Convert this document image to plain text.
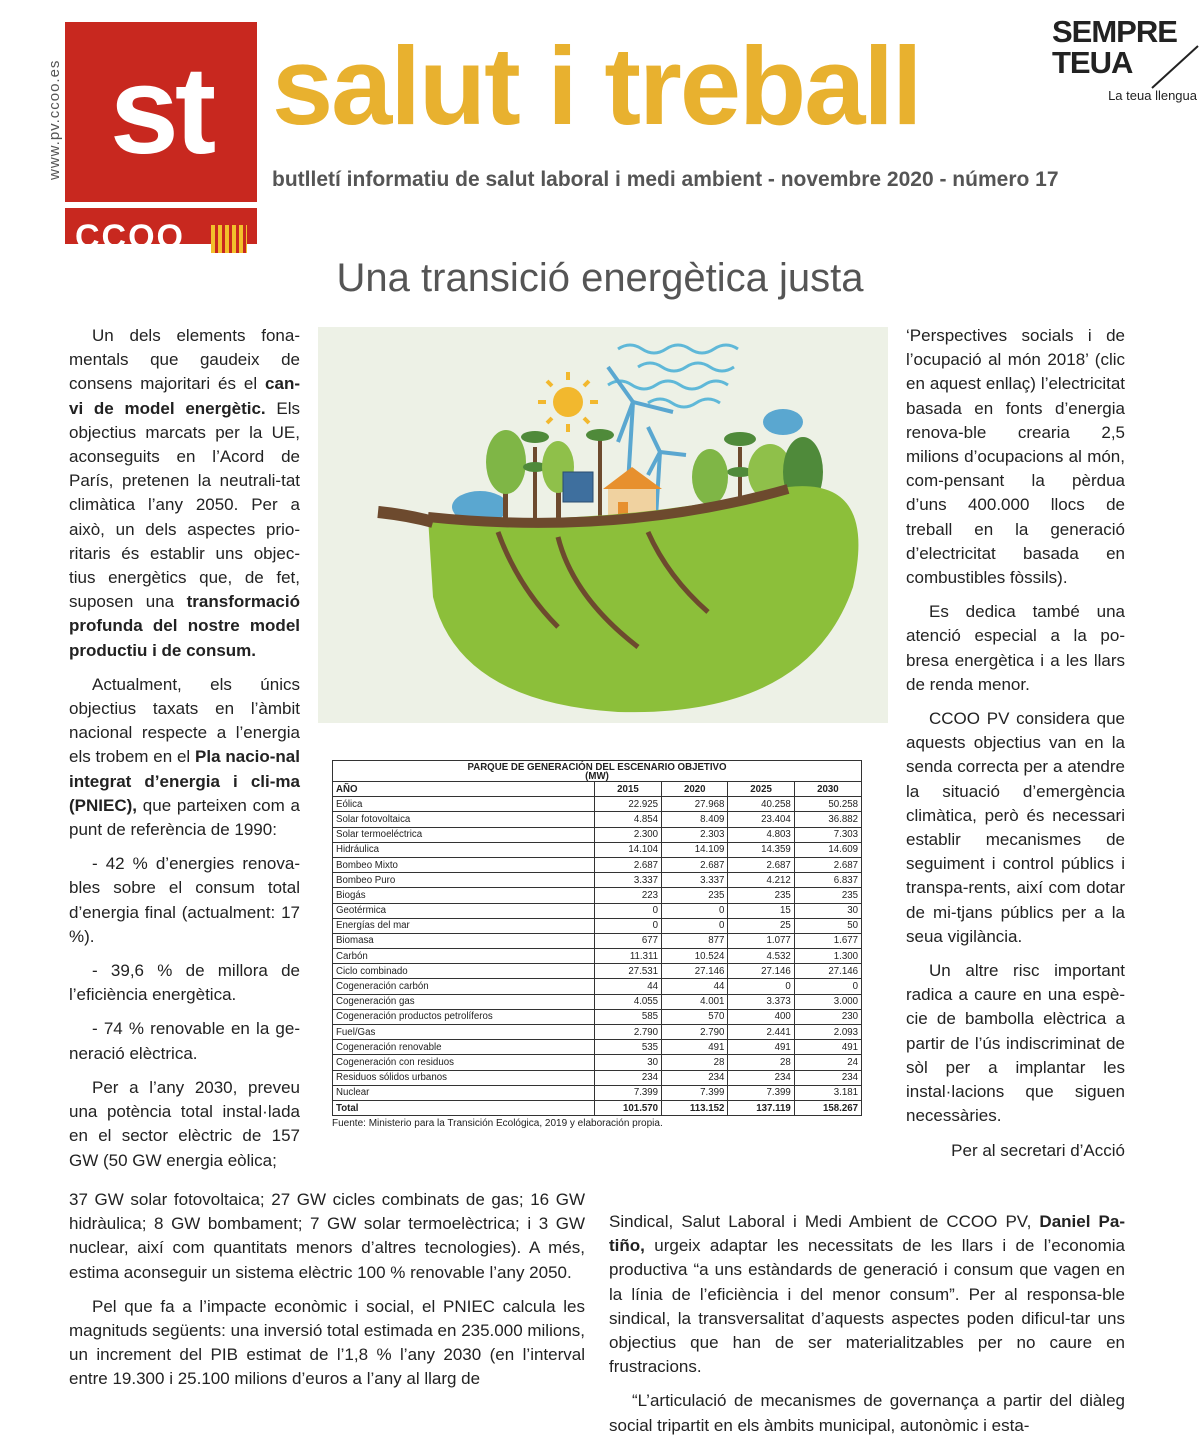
www.pv.ccoo.es st
CCOO
salut i treball
butlletí informatiu de salut laboral i medi ambient - novembre 2020 - número 17
SEMPRE
TEUA
La teua llengua
Una transició energètica justa

Un dels elements fona-mentals que gaudeix de consens majoritari és el can-vi de model energètic. Els objectius marcats per la UE, aconseguits en l’Acord de París, pretenen la neutrali-tat climàtica l’any 2050. Per a això, un dels aspectes prio-ritaris és establir uns objec-tius energètics que, de fet, suposen una transformació profunda del nostre model productiu i de consum.

Actualment, els únics objectius taxats en l’àmbit nacional respecte a l’energia els trobem en el Pla nacio-nal integrat d’energia i cli-ma (PNIEC), que parteixen com a punt de referència de 1990:

- 42 % d’energies renova-bles sobre el consum total d’energia final (actualment: 17 %).

- 39,6 % de millora de l’eficiència energètica.

- 74 % renovable en la ge-neració elèctrica.

Per a l’any 2030, preveu una potència total instal·lada en el sector elèctric de 157 GW (50 GW energia eòlica;

PARQUE DE GENERACIÓN DEL ESCENARIO OBJETIVO
(MW)
AÑO	2015	2020	2025	2030
Eólica	22.925	27.968	40.258	50.258
Solar fotovoltaica	4.854	8.409	23.404	36.882
Solar termoeléctrica	2.300	2.303	4.803	7.303
Hidráulica	14.104	14.109	14.359	14.609
Bombeo Mixto	2.687	2.687	2.687	2.687
Bombeo Puro	3.337	3.337	4.212	6.837
Biogás	223	235	235	235
Geotérmica	0	0	15	30
Energías del mar	0	0	25	50
Biomasa	677	877	1.077	1.677
Carbón	11.311	10.524	4.532	1.300
Ciclo combinado	27.531	27.146	27.146	27.146
Cogeneración carbón	44	44	0	0
Cogeneración gas	4.055	4.001	3.373	3.000
Cogeneración productos petrolíferos	585	570	400	230
Fuel/Gas	2.790	2.790	2.441	2.093
Cogeneración renovable	535	491	491	491
Cogeneración con residuos	30	28	28	24
Residuos sólidos urbanos	234	234	234	234
Nuclear	7.399	7.399	7.399	3.181
Total	101.570	113.152	137.119	158.267
Fuente: Ministerio para la Transición Ecológica, 2019 y elaboración propia.

‘Perspectives socials i de l’ocupació al món 2018’ (clic en aquest enllaç) l’electricitat basada en fonts d’energia renova-ble crearia 2,5 milions d’ocupacions al món, com-pensant la pèrdua d’uns 400.000 llocs de treball en la generació d’electricitat basada en combustibles fòssils).

Es dedica també una atenció especial a la po-bresa energètica i a les llars de renda menor.

CCOO PV considera que aquests objectius van en la senda correcta per a atendre la situació d’emergència climàtica, però és necessari establir mecanismes de seguiment i control públics i transpa-rents, així com dotar de mi-tjans públics per a la seua vigilància.

Un altre risc important radica a caure en una espè-cie de bambolla elèctrica a partir de l’ús indiscriminat de sòl per a implantar les instal·lacions que siguen necessàries.

Per al secretari d’Acció

37 GW solar fotovoltaica; 27 GW cicles combinats de gas; 16 GW hidràulica; 8 GW bombament; 7 GW solar termoelèctrica; i 3 GW nuclear, així com quantitats menors d’altres tecnologies). A més, estima aconseguir un sistema elèctric 100 % renovable l’any 2050.

Pel que fa a l’impacte econòmic i social, el PNIEC calcula les magnituds següents: una inversió total estimada en 235.000 milions, un increment del PIB estimat de l’1,8 % l’any 2030 (en l’interval entre 19.300 i 25.100 milions d’euros a l’any al llarg de

Sindical, Salut Laboral i Medi Ambient de CCOO PV, Daniel Pa-tiño, urgeix adaptar les necessitats de les llars i de l’economia productiva “a uns estàndards de generació i consum que vagen en la línia de l’eficiència i del menor consum”. Per al responsa-ble sindical, la transversalitat d’aquests aspectes poden dificul-tar uns objectius que han de ser materialitzables per no caure en frustracions.

“L’articulació de mecanismes de governança a partir del diàleg social tripartit en els àmbits municipal, autonòmic i esta-
